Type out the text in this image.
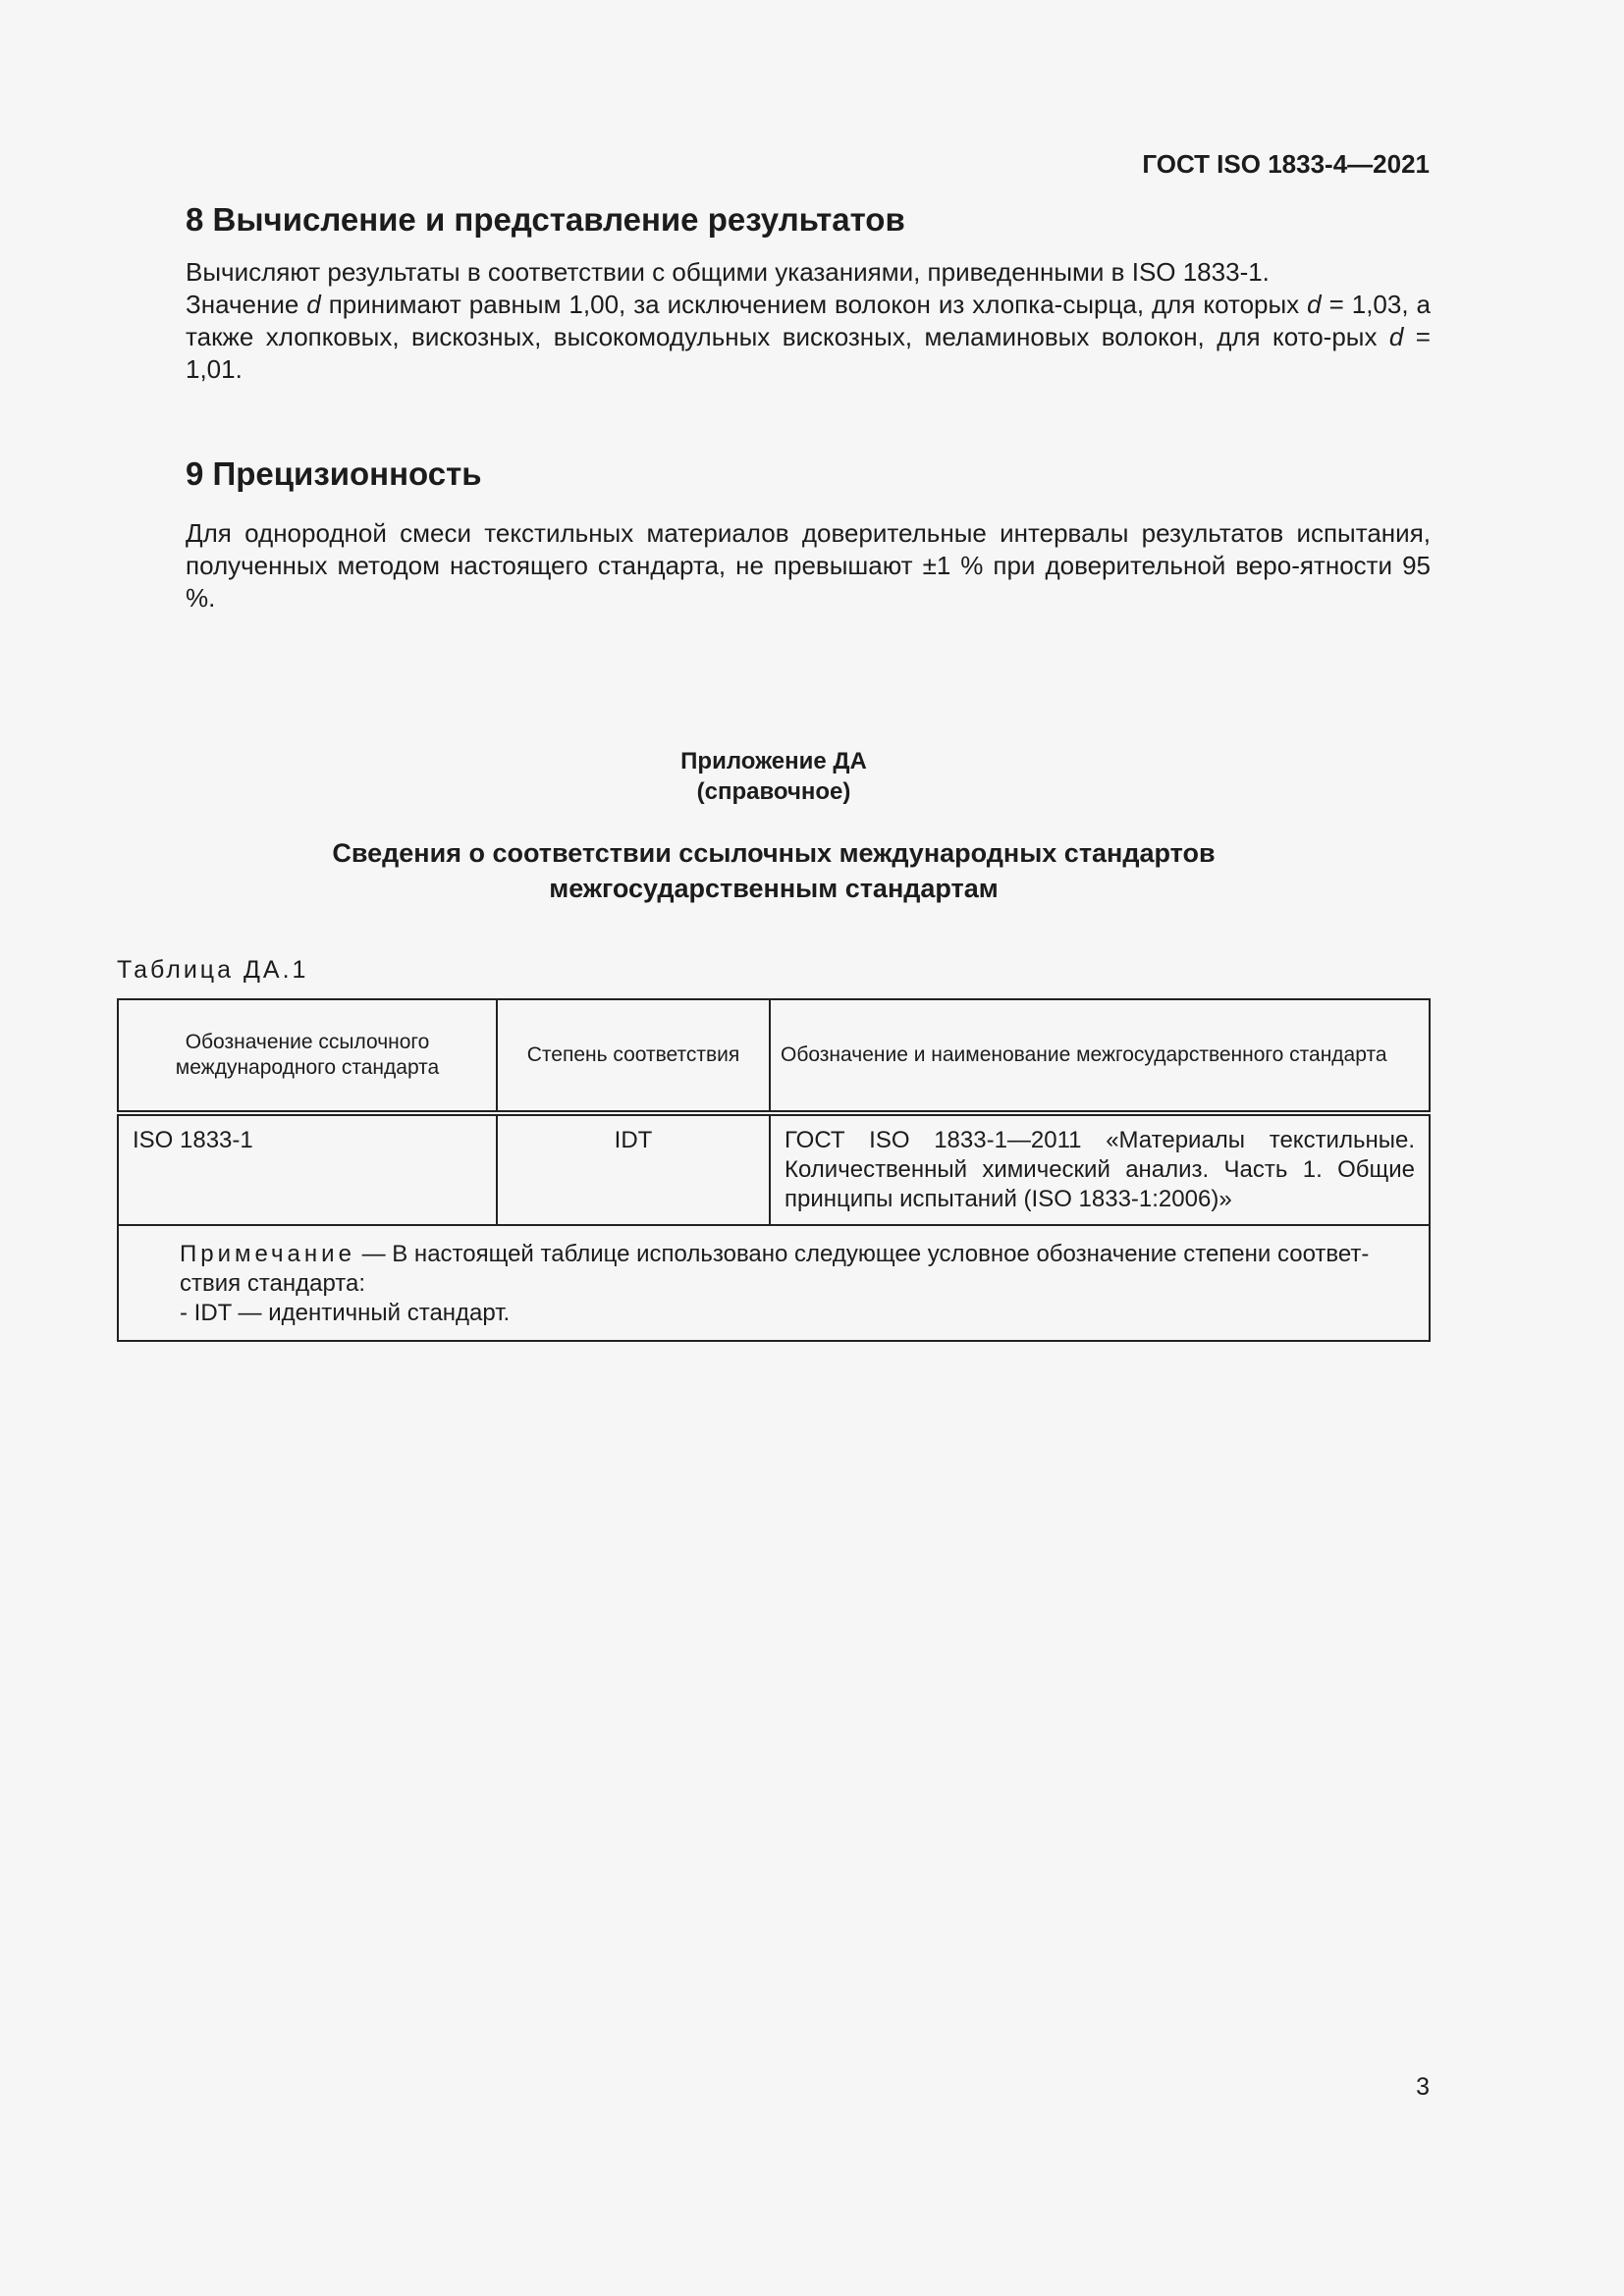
ГОСТ ISO 1833-4—2021

8 Вычисление и представление результатов

Вычисляют результаты в соответствии с общими указаниями, приведенными в ISO 1833-1.

Значение d принимают равным 1,00, за исключением волокон из хлопка-сырца, для которых d = 1,03, а также хлопковых, вискозных, высокомодульных вискозных, меламиновых волокон, для кото-рых d = 1,01.

9 Прецизионность

Для однородной смеси текстильных материалов доверительные интервалы результатов испытания, полученных методом настоящего стандарта, не превышают ±1 % при доверительной веро-ятности 95 %.

Приложение ДА
(справочное)
Сведения о соответствии ссылочных международных стандартов
межгосударственным стандартам

Таблица ДА.1

Обозначение ссылочного международного стандарта	Степень соответствия	Обозначение и наименование межгосударственного стандарта
ISO 1833-1	IDT	ГОСТ ISO 1833-1—2011 «Материалы текстильные. Количественный химический анализ. Часть 1. Общие принципы испытаний (ISO 1833-1:2006)»

Примечание — В настоящей таблице использовано следующее условное обозначение степени соответ-ствия стандарта:
- IDT — идентичный стандарт.		

3
